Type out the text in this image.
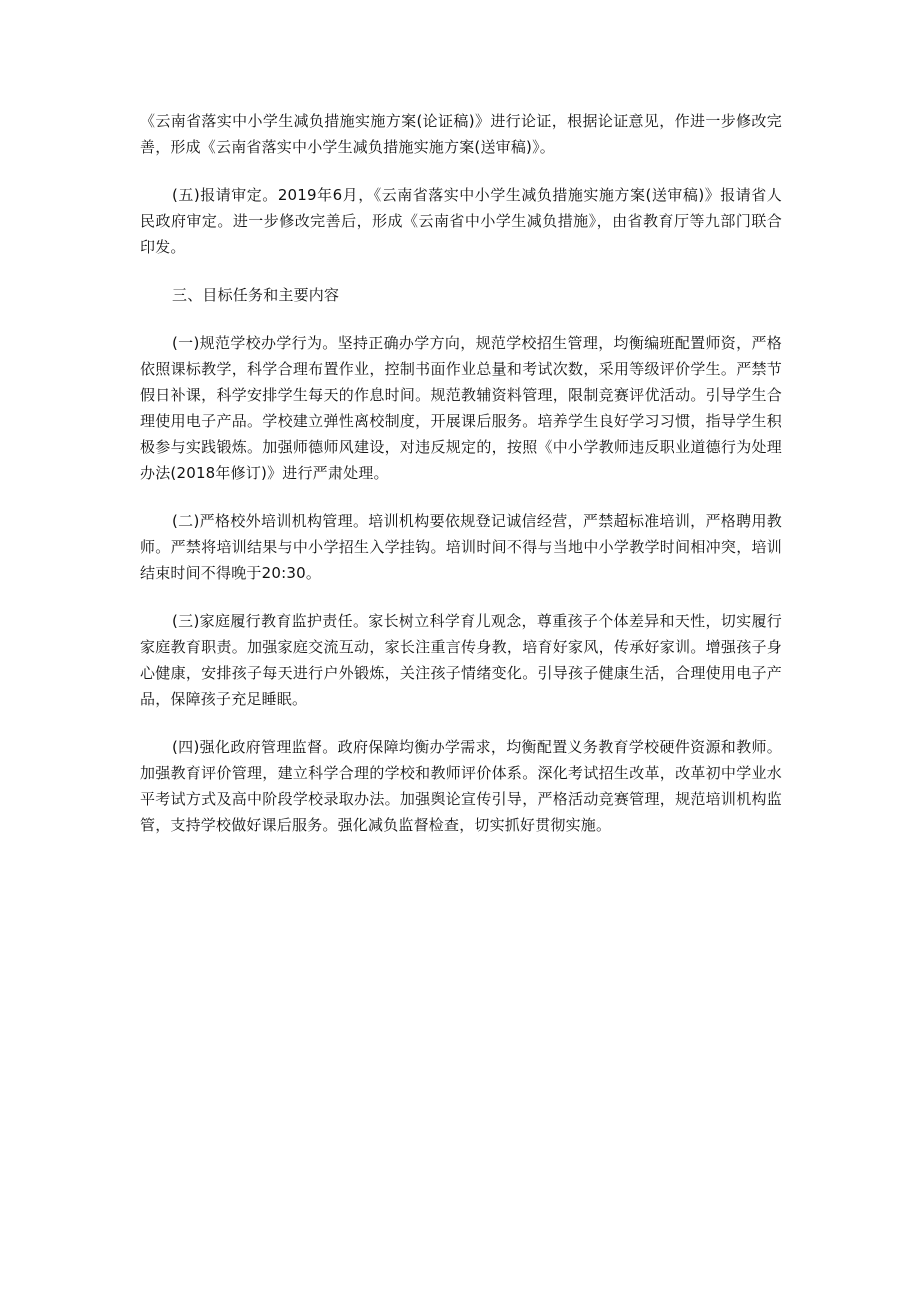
《云南省落实中小学生减负措施实施方案(论证稿)》进行论证，根据论证意见，作进一步修改完善，形成《云南省落实中小学生减负措施实施方案(送审稿)》。

(五)报请审定。2019年6月，《云南省落实中小学生减负措施实施方案(送审稿)》报请省人民政府审定。进一步修改完善后，形成《云南省中小学生减负措施》，由省教育厅等九部门联合印发。

三、目标任务和主要内容

(一)规范学校办学行为。坚持正确办学方向，规范学校招生管理，均衡编班配置师资，严格依照课标教学，科学合理布置作业，控制书面作业总量和考试次数，采用等级评价学生。严禁节假日补课，科学安排学生每天的作息时间。规范教辅资料管理，限制竞赛评优活动。引导学生合理使用电子产品。学校建立弹性离校制度，开展课后服务。培养学生良好学习习惯，指导学生积极参与实践锻炼。加强师德师风建设，对违反规定的，按照《中小学教师违反职业道德行为处理办法(2018年修订)》进行严肃处理。

(二)严格校外培训机构管理。培训机构要依规登记诚信经营，严禁超标准培训，严格聘用教师。严禁将培训结果与中小学招生入学挂钩。培训时间不得与当地中小学教学时间相冲突，培训结束时间不得晚于20:30。

(三)家庭履行教育监护责任。家长树立科学育儿观念，尊重孩子个体差异和天性，切实履行家庭教育职责。加强家庭交流互动，家长注重言传身教，培育好家风，传承好家训。增强孩子身心健康，安排孩子每天进行户外锻炼，关注孩子情绪变化。引导孩子健康生活，合理使用电子产品，保障孩子充足睡眠。

(四)强化政府管理监督。政府保障均衡办学需求，均衡配置义务教育学校硬件资源和教师。加强教育评价管理，建立科学合理的学校和教师评价体系。深化考试招生改革，改革初中学业水平考试方式及高中阶段学校录取办法。加强舆论宣传引导，严格活动竞赛管理，规范培训机构监管，支持学校做好课后服务。强化减负监督检查，切实抓好贯彻实施。
